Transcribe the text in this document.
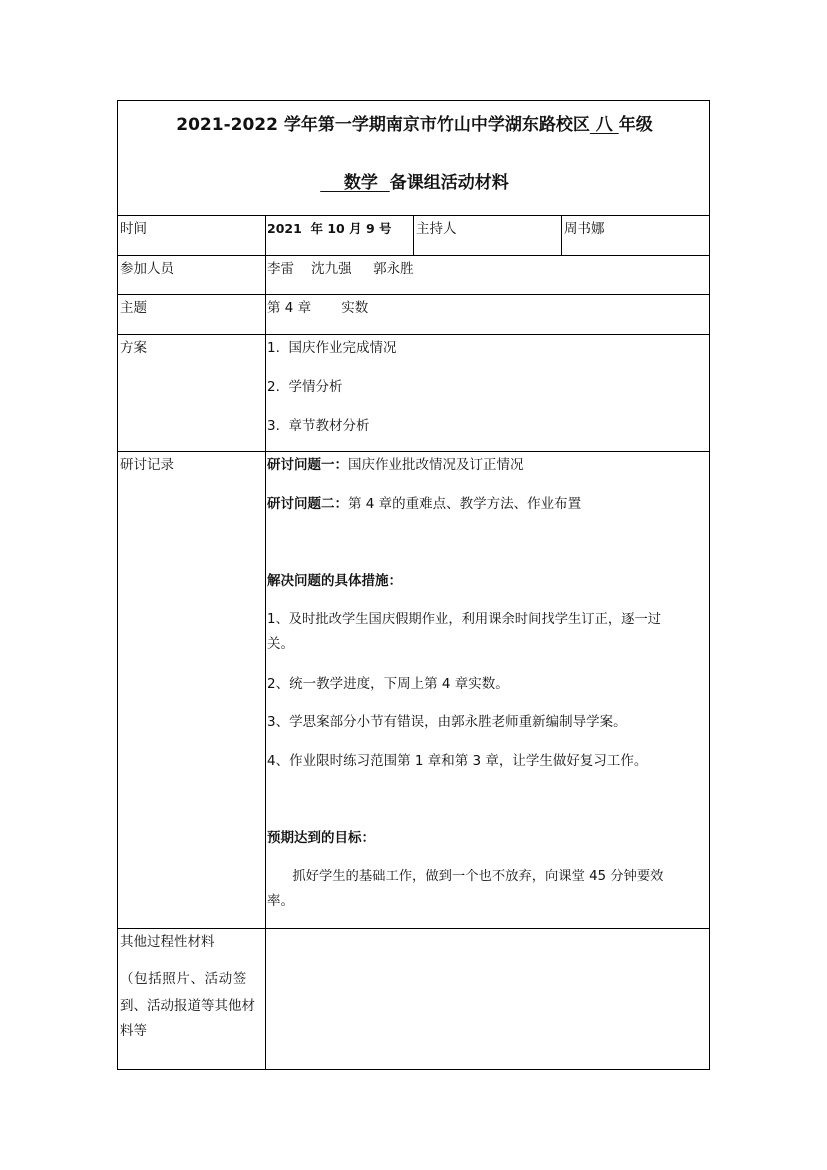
2021-2022 学年第一学期南京市竹山中学湖东路校区 八 年级
数学  备课组活动材料
时间	2021  年 10 月 9 号 主持人	周书娜
参加人员	李雷    沈九强     郭永胜
主题	第 4 章       实数
方案	1.  国庆作业完成情况
2.  学情分析
3.  章节教材分析
研讨记录	研讨问题一：国庆作业批改情况及订正情况
研讨问题二：第 4 章的重难点、教学方法、作业布置
解决问题的具体措施：
1、及时批改学生国庆假期作业，利用课余时间找学生订正，逐一过
关。
2、统一教学进度，下周上第 4 章实数。
3、学思案部分小节有错误，由郭永胜老师重新编制导学案。
4、作业限时练习范围第 1 章和第 3 章，让学生做好复习工作。
预期达到的目标：
抓好学生的基础工作，做到一个也不放弃，向课堂 45 分钟要效
率。
其他过程性材料
（包括照片、活动签
到、活动报道等其他材
料等
